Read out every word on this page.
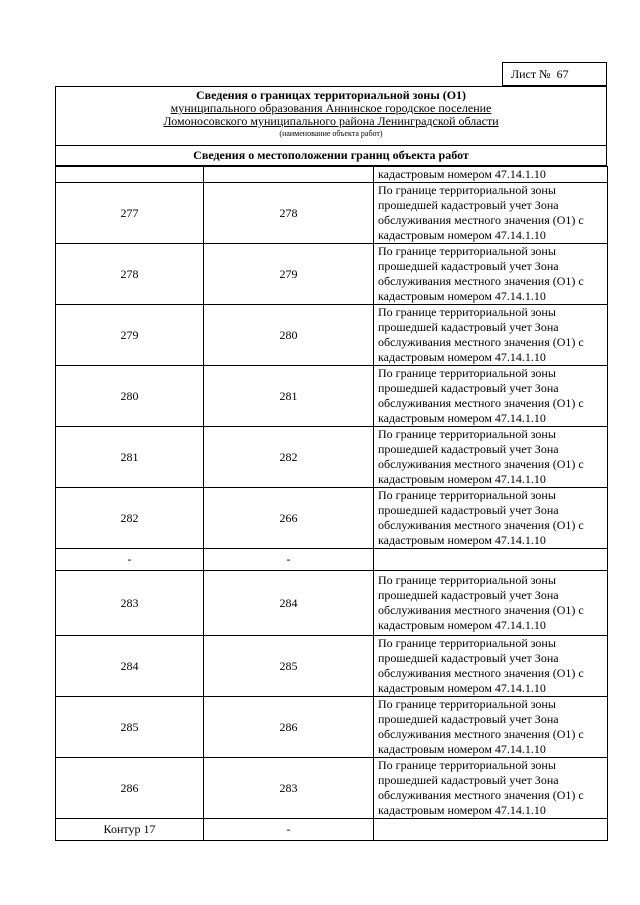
Лист № 67
Сведения о границах территориальной зоны (О1)
муниципального образования Аннинское городское поселение
Ломоносовского муниципального района Ленинградской области
(наименование объекта работ)
Сведения о местоположении границ объекта работ

		кадастровым номером 47.14.1.10

277	278	По границе территориальной зоны
прошедшей кадастровый учет Зона
обслуживания местного значения (О1) с
кадастровым номером 47.14.1.10

278	279	По границе территориальной зоны
прошедшей кадастровый учет Зона
обслуживания местного значения (О1) с
кадастровым номером 47.14.1.10

279	280	По границе территориальной зоны
прошедшей кадастровый учет Зона
обслуживания местного значения (О1) с
кадастровым номером 47.14.1.10

280	281	По границе территориальной зоны
прошедшей кадастровый учет Зона
обслуживания местного значения (О1) с
кадастровым номером 47.14.1.10

281	282	По границе территориальной зоны
прошедшей кадастровый учет Зона
обслуживания местного значения (О1) с
кадастровым номером 47.14.1.10

282	266	По границе территориальной зоны
прошедшей кадастровый учет Зона
обслуживания местного значения (О1) с
кадастровым номером 47.14.1.10

-	-	
283	284	По границе территориальной зоны
прошедшей кадастровый учет Зона
обслуживания местного значения (О1) с
кадастровым номером 47.14.1.10

284	285	По границе территориальной зоны
прошедшей кадастровый учет Зона
обслуживания местного значения (О1) с
кадастровым номером 47.14.1.10

285	286	По границе территориальной зоны
прошедшей кадастровый учет Зона
обслуживания местного значения (О1) с
кадастровым номером 47.14.1.10

286	283	По границе территориальной зоны
прошедшей кадастровый учет Зона
обслуживания местного значения (О1) с
кадастровым номером 47.14.1.10

Контур 17	-	
